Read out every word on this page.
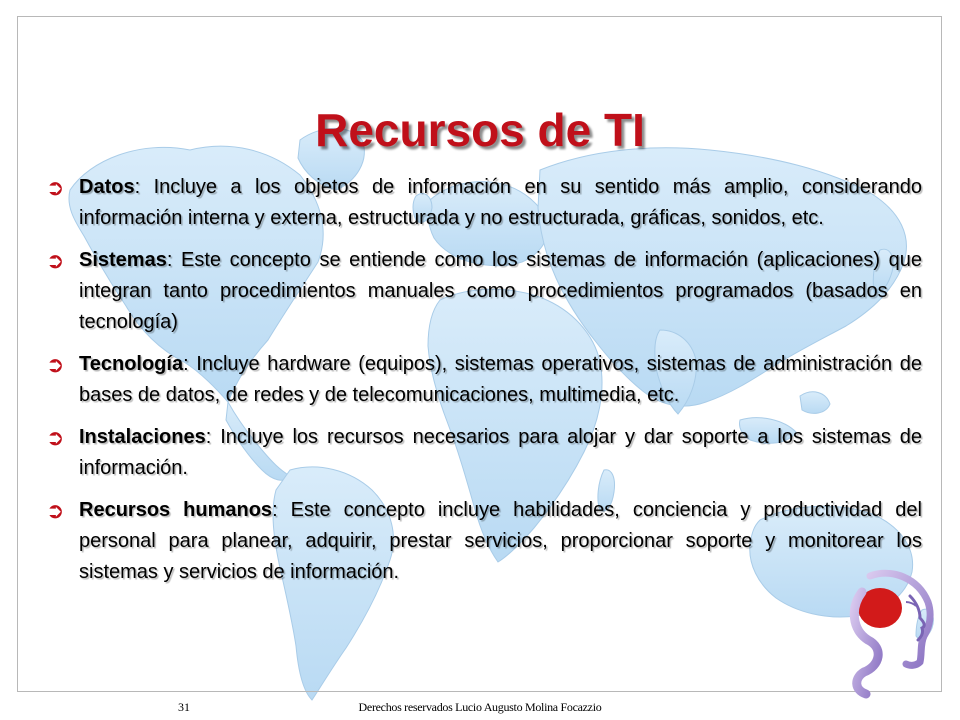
Recursos de TI
➲ Datos: Incluye a los objetos de información en su sentido más amplio, considerando información interna y externa, estructurada y no estructurada, gráficas, sonidos, etc.
➲ Sistemas: Este concepto se entiende como los sistemas de información (aplicaciones) que integran tanto procedimientos manuales como procedimientos programados (basados en tecnología)
➲ Tecnología: Incluye hardware (equipos), sistemas operativos, sistemas de administración de bases de datos, de redes y de telecomunicaciones, multimedia, etc.
➲ Instalaciones: Incluye los recursos necesarios para alojar y dar soporte a los sistemas de información.
➲ Recursos humanos: Este concepto incluye habilidades, conciencia y productividad del personal para planear, adquirir, prestar servicios, proporcionar soporte y monitorear los sistemas y servicios de información.
31	Derechos reservados Lucio Augusto Molina Focazzio
